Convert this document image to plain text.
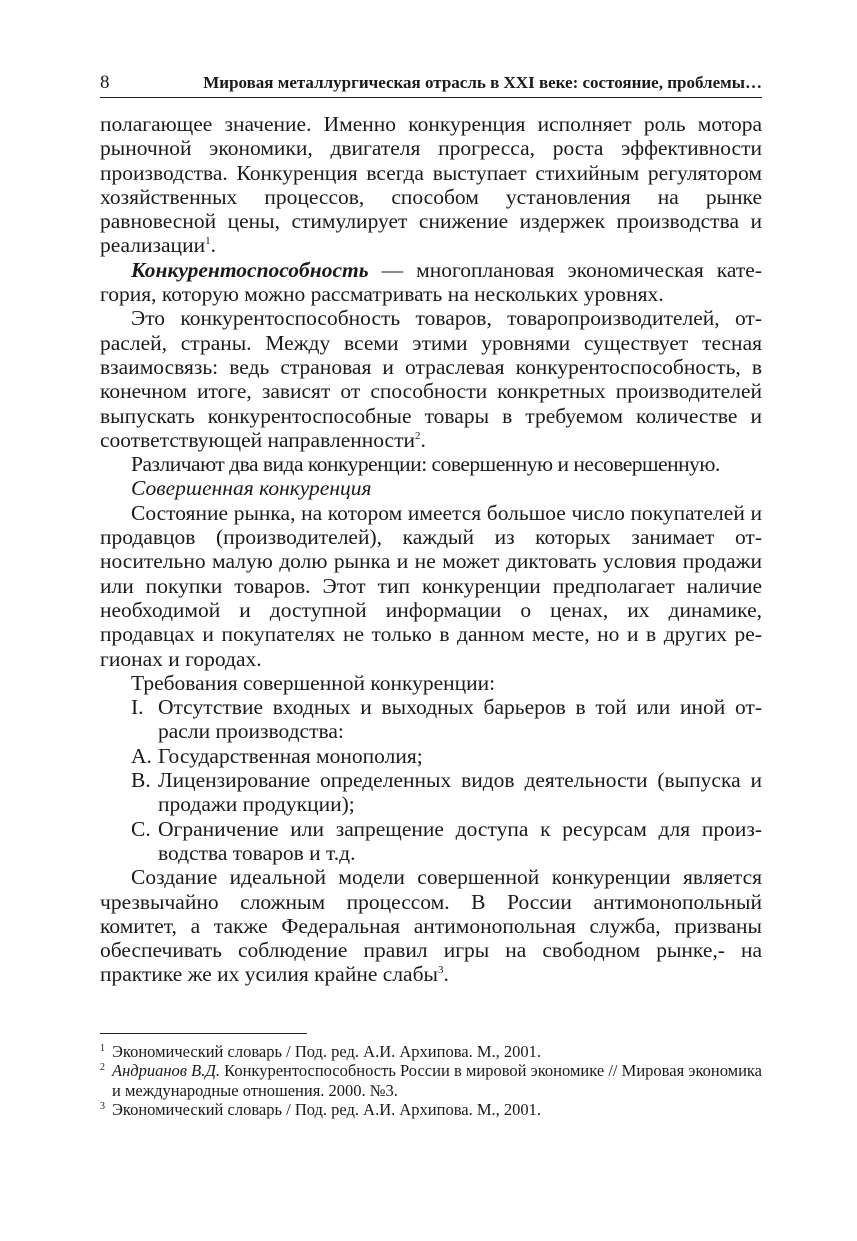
8	Мировая металлургическая отрасль в XXI веке: состояние, проблемы…

полагающее значение. Именно конкуренция исполняет роль мотора рыночной экономики, двигателя прогресса, роста эффективности производства. Конкуренция всегда выступает стихийным регулятором хозяйственных процессов, способом установления на рынке равновесной цены, стимулирует снижение издержек производства и реализации$^1$.

Конкурентоспособность — многоплановая экономическая категория, которую можно рассматривать на нескольких уровнях.

Это конкурентоспособность товаров, товаропроизводителей, отраслей, страны. Между всеми этими уровнями существует тесная взаимосвязь: ведь страновая и отраслевая конкурентоспособность, в конечном итоге, зависят от способности конкретных производителей выпускать конкурентоспособные товары в требуемом количестве и соответствующей направленности$^2$.

Различают два вида конкуренции: совершенную и несовершенную.

Совершенная конкуренция

Состояние рынка, на котором имеется большое число покупателей и продавцов (производителей), каждый из которых занимает относительно малую долю рынка и не может диктовать условия продажи или покупки товаров. Этот тип конкуренции предполагает наличие необходимой и доступной информации о ценах, их динамике, продавцах и покупателях не только в данном месте, но и в других регионах и городах.

Требования совершенной конкуренции:

I. Отсутствие входных и выходных барьеров в той или иной отрасли производства:
A. Государственная монополия;
B. Лицензирование определенных видов деятельности (выпуска и продажи продукции);
C. Ограничение или запрещение доступа к ресурсам для производства товаров и т.д.

Создание идеальной модели совершенной конкуренции является чрезвычайно сложным процессом. В России антимонопольный комитет, а также Федеральная антимонопольная служба, призваны обеспечивать соблюдение правил игры на свободном рынке,- на практике же их усилия крайне слабы$^3$.

1 Экономический словарь / Под. ред. А.И. Архипова. М., 2001.
2 Андрианов В.Д. Конкурентоспособность России в мировой экономике // Мировая экономика и международные отношения. 2000. №3.
3 Экономический словарь / Под. ред. А.И. Архипова. М., 2001.
